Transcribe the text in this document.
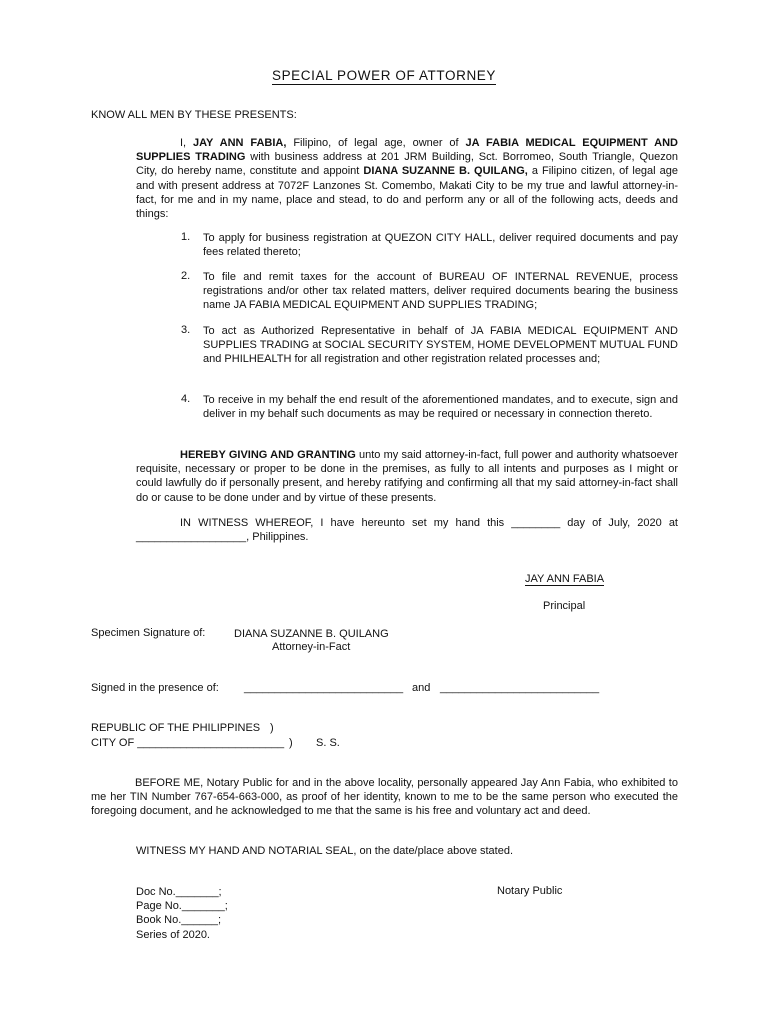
SPECIAL POWER OF ATTORNEY
KNOW ALL MEN BY THESE PRESENTS:
I, JAY ANN FABIA, Filipino, of legal age, owner of JA FABIA MEDICAL EQUIPMENT AND SUPPLIES TRADING with business address at 201 JRM Building, Sct. Borromeo, South Triangle, Quezon City, do hereby name, constitute and appoint DIANA SUZANNE B. QUILANG, a Filipino citizen, of legal age and with present address at 7072F Lanzones St. Comembo, Makati City to be my true and lawful attorney-in-fact, for me and in my name, place and stead, to do and perform any or all of the following acts, deeds and things:
1. To apply for business registration at QUEZON CITY HALL, deliver required documents and pay fees related thereto;
2. To file and remit taxes for the account of BUREAU OF INTERNAL REVENUE, process registrations and/or other tax related matters, deliver required documents bearing the business name JA FABIA MEDICAL EQUIPMENT AND SUPPLIES TRADING;
3. To act as Authorized Representative in behalf of JA FABIA MEDICAL EQUIPMENT AND SUPPLIES TRADING at SOCIAL SECURITY SYSTEM, HOME DEVELOPMENT MUTUAL FUND and PHILHEALTH for all registration and other registration related processes and;
4. To receive in my behalf the end result of the aforementioned mandates, and to execute, sign and deliver in my behalf such documents as may be required or necessary in connection thereto.
HEREBY GIVING AND GRANTING unto my said attorney-in-fact, full power and authority whatsoever requisite, necessary or proper to be done in the premises, as fully to all intents and purposes as I might or could lawfully do if personally present, and hereby ratifying and confirming all that my said attorney-in-fact shall do or cause to be done under and by virtue of these presents.
IN WITNESS WHEREOF, I have hereunto set my hand this ________ day of July, 2020 at
__________________, Philippines.
JAY ANN FABIA
Principal
Specimen Signature of:	DIANA SUZANNE B. QUILANG
Attorney-in-Fact
Signed in the presence of: __________________________ and __________________________
REPUBLIC OF THE PHILIPPINES )
CITY OF ________________________ ) S. S.
BEFORE ME, Notary Public for and in the above locality, personally appeared Jay Ann Fabia, who exhibited to me her TIN Number 767-654-663-000, as proof of her identity, known to me to be the same person who executed the foregoing document, and he acknowledged to me that the same is his free and voluntary act and deed.
WITNESS MY HAND AND NOTARIAL SEAL, on the date/place above stated.
Doc No._______;
Page No._______;
Book No.______;
Series of 2020.
Notary Public
